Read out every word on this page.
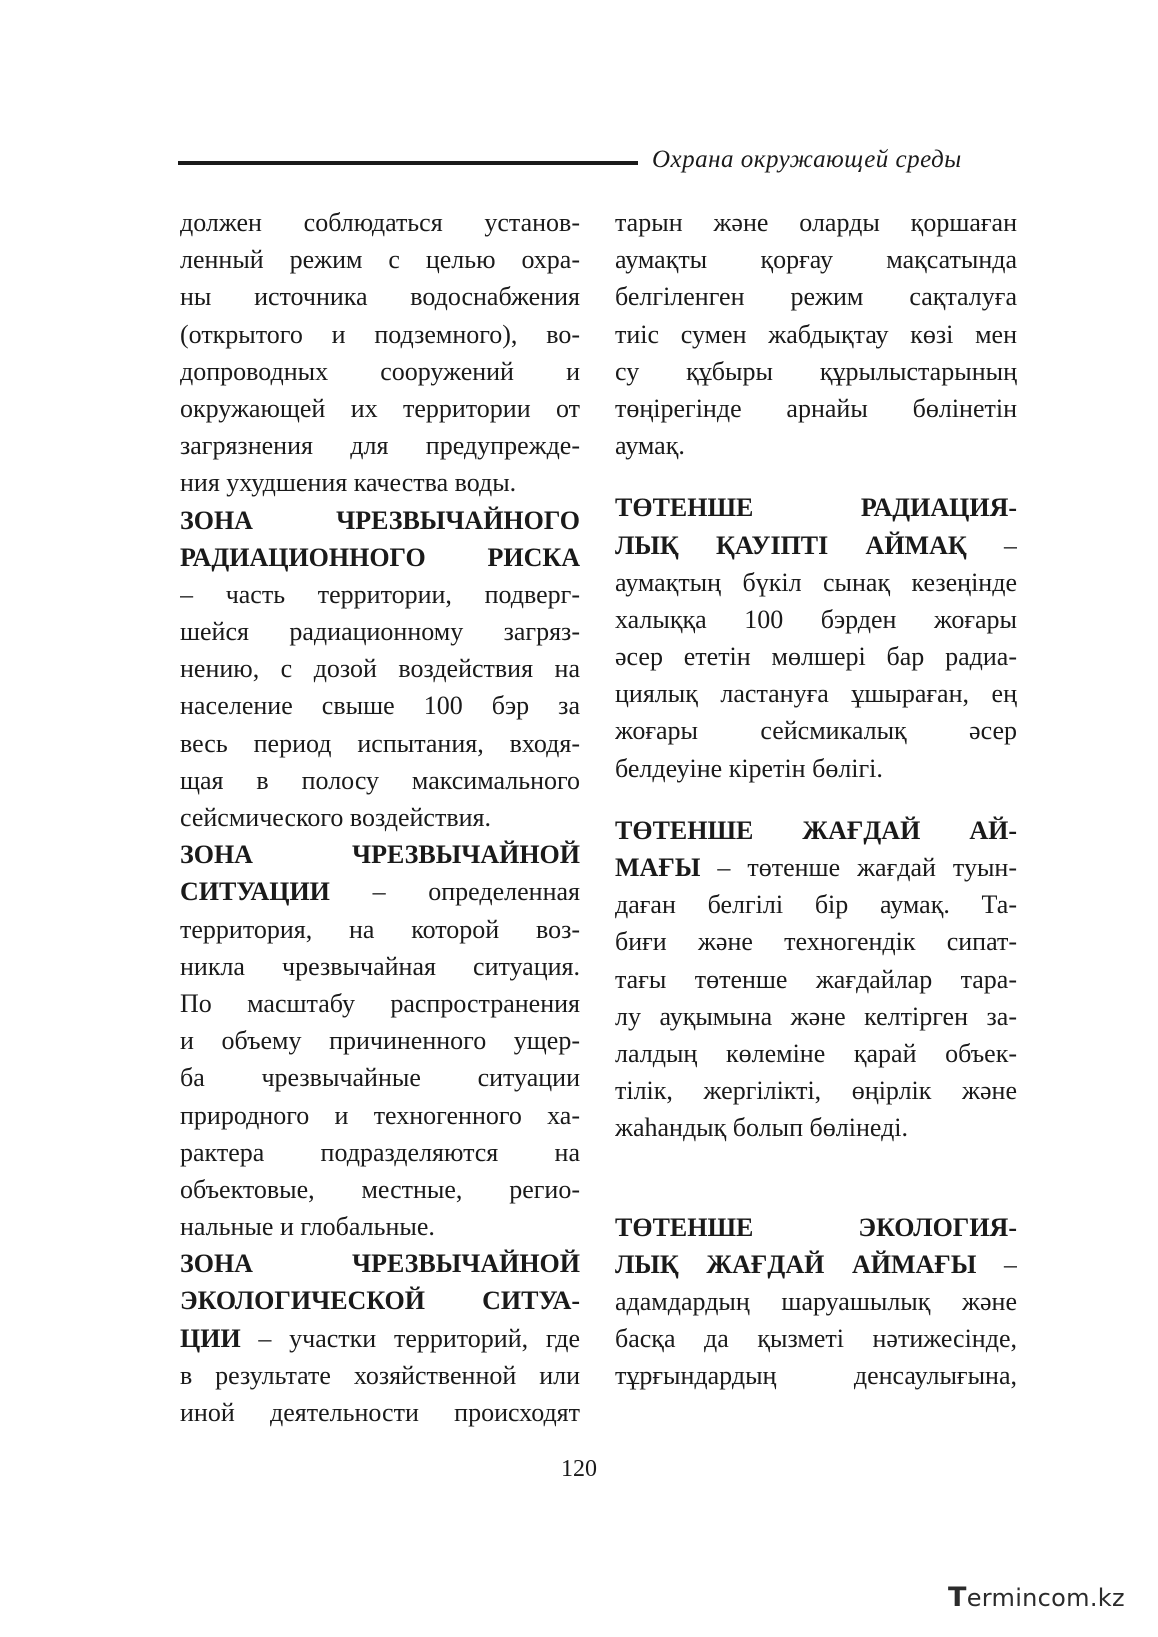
Охрана окружающей среды
должен соблюдаться установ-
ленный режим с целью охра-
ны источника водоснабжения
(открытого и подземного), во-
допроводных сооружений и
окружающей их территории от
загрязнения для предупрежде-
ния ухудшения качества воды.
ЗОНА ЧРЕЗВЫЧАЙНОГО
РАДИАЦИОННОГО РИСКА
– часть территории, подверг-
шейся радиационному загряз-
нению, с дозой воздействия на
население свыше 100 бэр за
весь период испытания, входя-
щая в полосу максимального
сейсмического воздействия.
ЗОНА ЧРЕЗВЫЧАЙНОЙ
СИТУАЦИИ – определенная
территория, на которой воз-
никла чрезвычайная ситуация.
По масштабу распространения
и объему причиненного ущер-
ба чрезвычайные ситуации
природного и техногенного ха-
рактера подразделяются на
объектовые, местные, регио-
нальные и глобальные.
ЗОНА ЧРЕЗВЫЧАЙНОЙ
ЭКОЛОГИЧЕСКОЙ СИТУА-
ЦИИ – участки территорий, где
в результате хозяйственной или
иной деятельности происходят
тарын және оларды қоршаған
аумақты қорғау мақсатында
белгіленген режим сақталуға
тиіс сумен жабдықтау көзі мен
су құбыры құрылыстарының
төңірегінде арнайы бөлінетін
аумақ.
ТӨТЕНШЕ РАДИАЦИЯ-
ЛЫҚ ҚАУІПТІ АЙМАҚ –
аумақтың бүкіл сынақ кезеңінде
халыққа 100 бэрден жоғары
әсер ететін мөлшері бар радиа-
циялық ластануға ұшыраған, ең
жоғары сейсмикалық әсер
белдеуіне кіретін бөлігі.
ТӨТЕНШЕ ЖАҒДАЙ АЙ-
МАҒЫ – төтенше жағдай туын-
даған белгілі бір аумақ. Та-
биғи және техногендік сипат-
тағы төтенше жағдайлар тара-
лу ауқымына және келтірген за-
лалдың көлеміне қарай объек-
тілік, жергілікті, өңірлік және
жаһандық болып бөлінеді.
ТӨТЕНШЕ ЭКОЛОГИЯ-
ЛЫҚ ЖАҒДАЙ АЙМАҒЫ –
адамдардың шаруашылық және
басқа да қызметі нәтижесінде,
тұрғындардың денсаулығына,
120
Termincom.kz
